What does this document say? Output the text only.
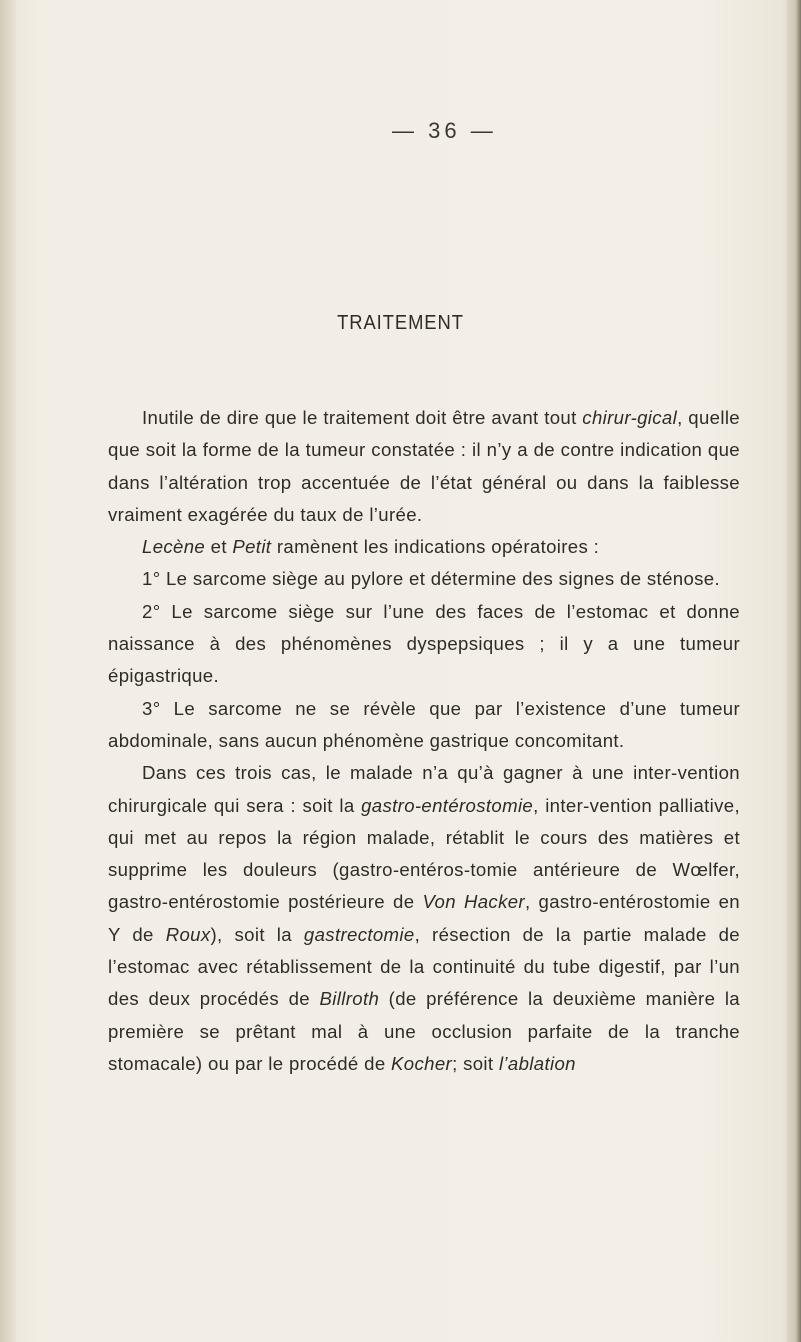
— 36 —
TRAITEMENT

Inutile de dire que le traitement doit être avant tout chirur-gical, quelle que soit la forme de la tumeur constatée : il n’y a de contre indication que dans l’altération trop accentuée de l’état général ou dans la faiblesse vraiment exagérée du taux de l’urée.

Lecène et Petit ramènent les indications opératoires :

1° Le sarcome siège au pylore et détermine des signes de sténose.

2° Le sarcome siège sur l’une des faces de l’estomac et donne naissance à des phénomènes dyspepsiques ; il y a une tumeur épigastrique.

3° Le sarcome ne se révèle que par l’existence d’une tumeur abdominale, sans aucun phénomène gastrique concomitant.

Dans ces trois cas, le malade n’a qu’à gagner à une inter-vention chirurgicale qui sera : soit la gastro-entérostomie, inter-vention palliative, qui met au repos la région malade, rétablit le cours des matières et supprime les douleurs (gastro-entéros-tomie antérieure de Wœlfer, gastro-entérostomie postérieure de Von Hacker, gastro-entérostomie en Y de Roux), soit la gastrectomie, résection de la partie malade de l’estomac avec rétablissement de la continuité du tube digestif, par l’un des deux procédés de Billroth (de préférence la deuxième manière la première se prêtant mal à une occlusion parfaite de la tranche stomacale) ou par le procédé de Kocher; soit l’ablation
